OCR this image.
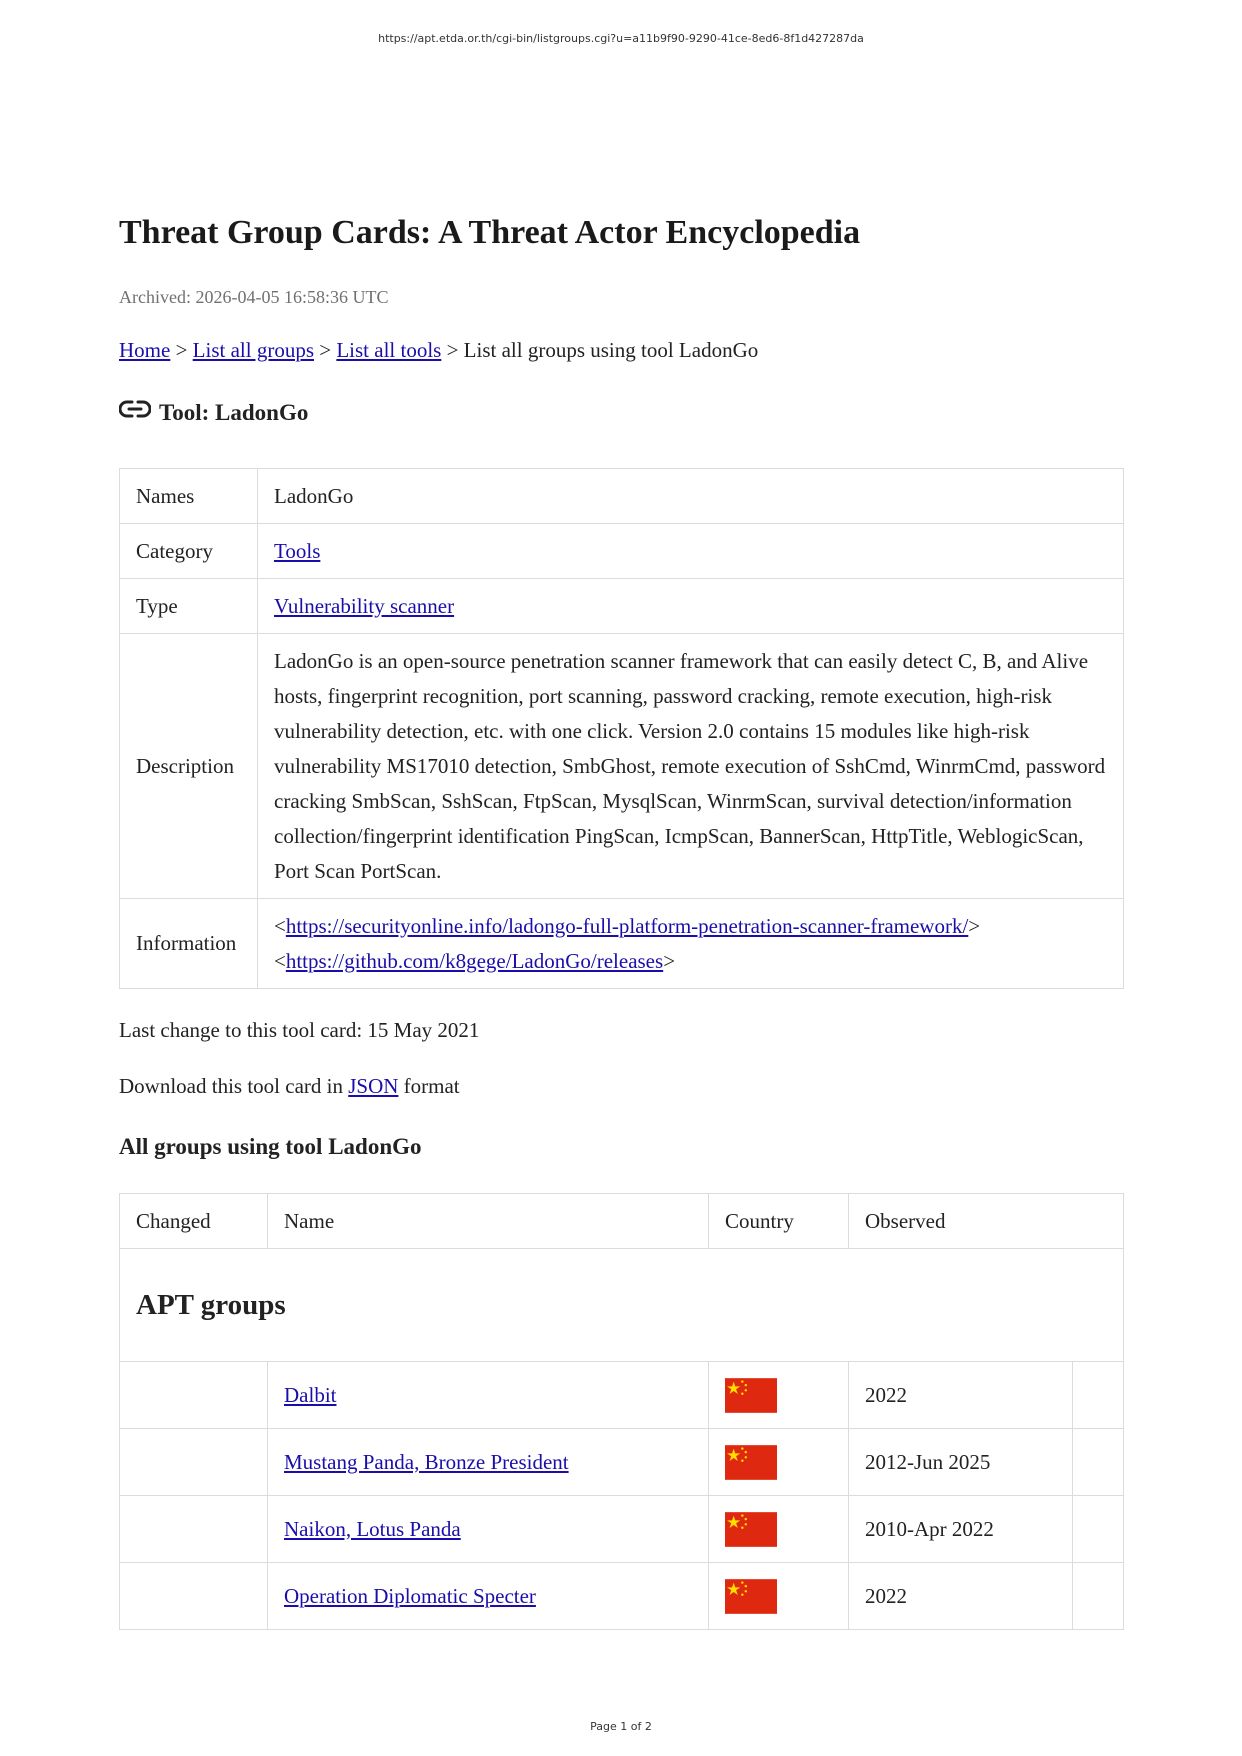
https://apt.etda.or.th/cgi-bin/listgroups.cgi?u=a11b9f90-9290-41ce-8ed6-8f1d427287da
Threat Group Cards: A Threat Actor Encyclopedia
Archived: 2026-04-05 16:58:36 UTC
Home > List all groups > List all tools > List all groups using tool LadonGo
Tool: LadonGo
Names	LadonGo
Category	Tools
Type	Vulnerability scanner
Description	LadonGo is an open-source penetration scanner framework that can easily detect C, B, and Alive hosts, fingerprint recognition, port scanning, password cracking, remote execution, high-risk vulnerability detection, etc. with one click. Version 2.0 contains 15 modules like high-risk vulnerability MS17010 detection, SmbGhost, remote execution of SshCmd, WinrmCmd, password cracking SmbScan, SshScan, FtpScan, MysqlScan, WinrmScan, survival detection/information collection/fingerprint identification PingScan, IcmpScan, BannerScan, HttpTitle, WeblogicScan, Port Scan PortScan.
Information	<https://securityonline.info/ladongo-full-platform-penetration-scanner-framework/>
<https://github.com/k8gege/LadonGo/releases>
Last change to this tool card: 15 May 2021
Download this tool card in JSON format
All groups using tool LadonGo
Changed	Name	Country	Observed	
APT groups				
	Dalbit		2022	
	Mustang Panda, Bronze President		2012-Jun 2025	
	Naikon, Lotus Panda		2010-Apr 2022	
	Operation Diplomatic Specter		2022	
Page 1 of 2
